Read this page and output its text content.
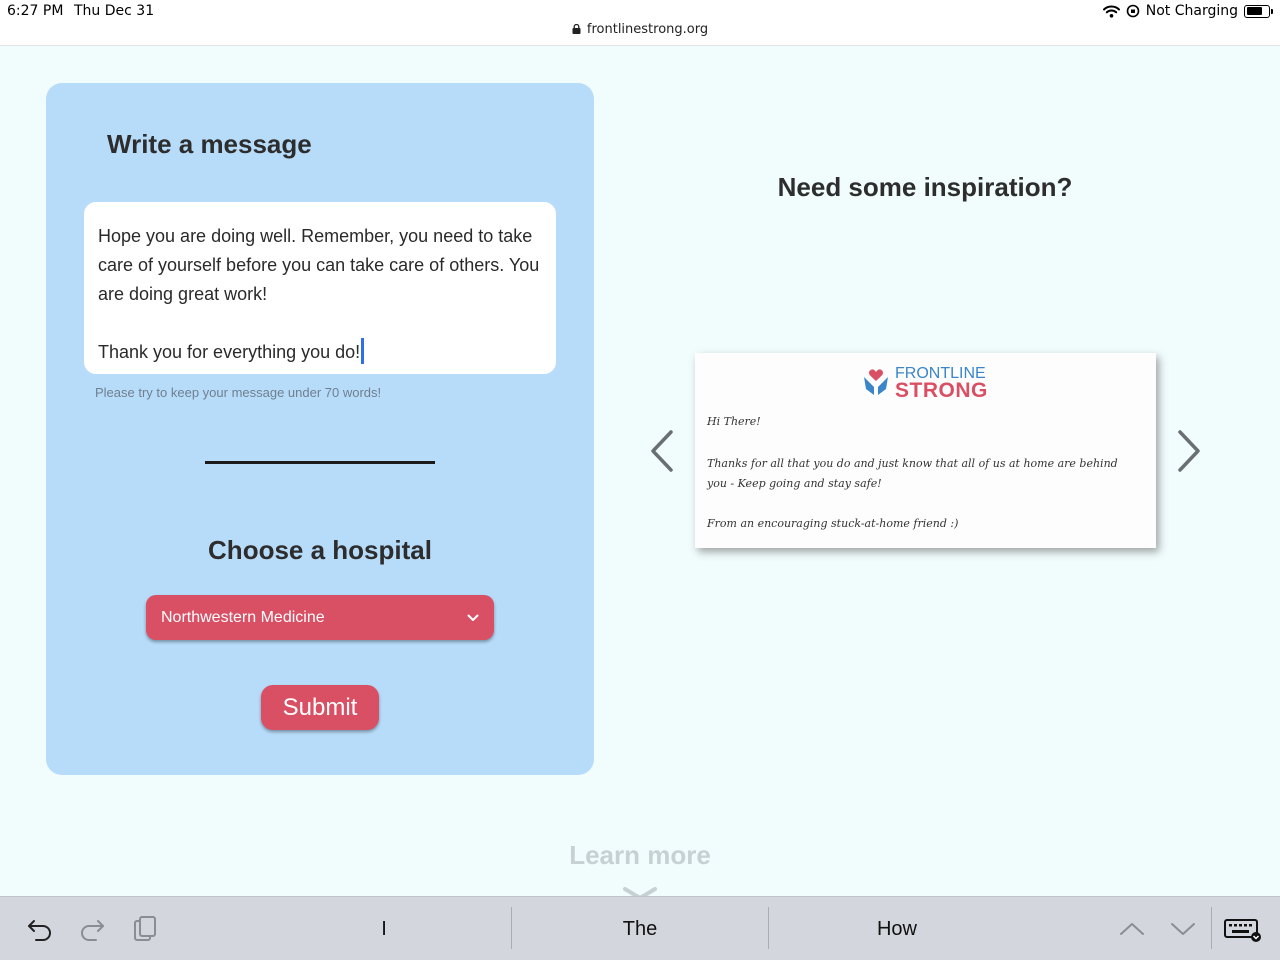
6:27 PM Thu Dec 31
frontlinestrong.org
Not Charging
Write a message
Hope you are doing well. Remember, you need to take care of yourself before you can take care of others. You are doing great work!

Thank you for everything you do!
Please try to keep your message under 70 words!
Choose a hospital
Northwestern Medicine
Submit
Need some inspiration?
FRONTLINE
STRONG
Hi There!
Thanks for all that you do and just know that all of us at home are behind you - Keep going and stay safe!
From an encouraging stuck-at-home friend :)
Learn more
I	The	How
